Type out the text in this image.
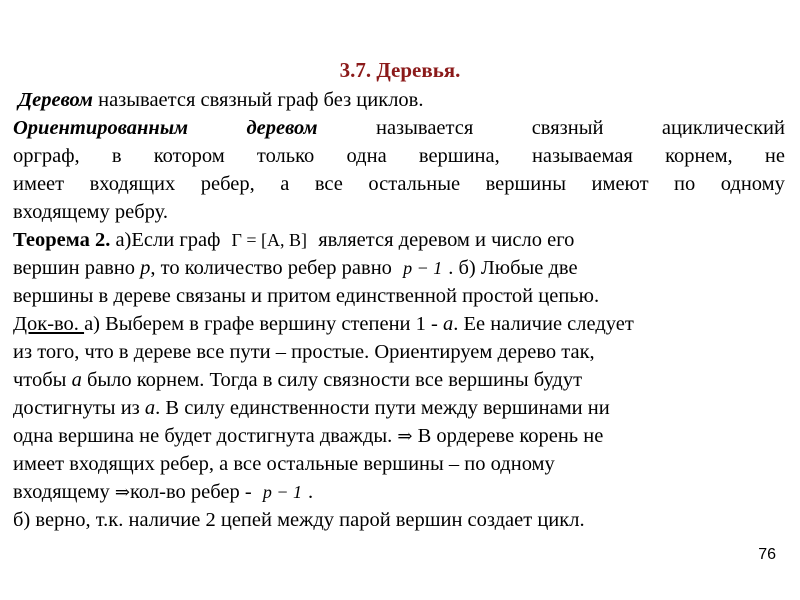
3.7. Деревья.
Деревом называется связный граф без циклов.
Ориентированным	деревом	называется	связный	ациклический
орграф, в котором только одна вершина, называемая корнем, не
имеет входящих ребер, а все остальные вершины имеют по одному
входящему ребру.
Теорема 2. а)Если граф Γ = [A, B] является деревом и число его
вершин равно p, то количество ребер равно p − 1 . б) Любые две
вершины в дереве связаны и притом единственной простой цепью.
Док-во. а) Выберем в графе вершину степени 1 - a. Ее наличие следует
из того, что в дереве все пути – простые. Ориентируем дерево так,
чтобы a было корнем. Тогда в силу связности все вершины будут
достигнуты из a. В силу единственности пути между вершинами ни
одна вершина не будет достигнута дважды. ⇒ В ордереве корень не
имеет входящих ребер, а все остальные вершины – по одному
входящему ⇒кол-во ребер - p − 1 .
б) верно, т.к. наличие 2 цепей между парой вершин создает цикл.
76
